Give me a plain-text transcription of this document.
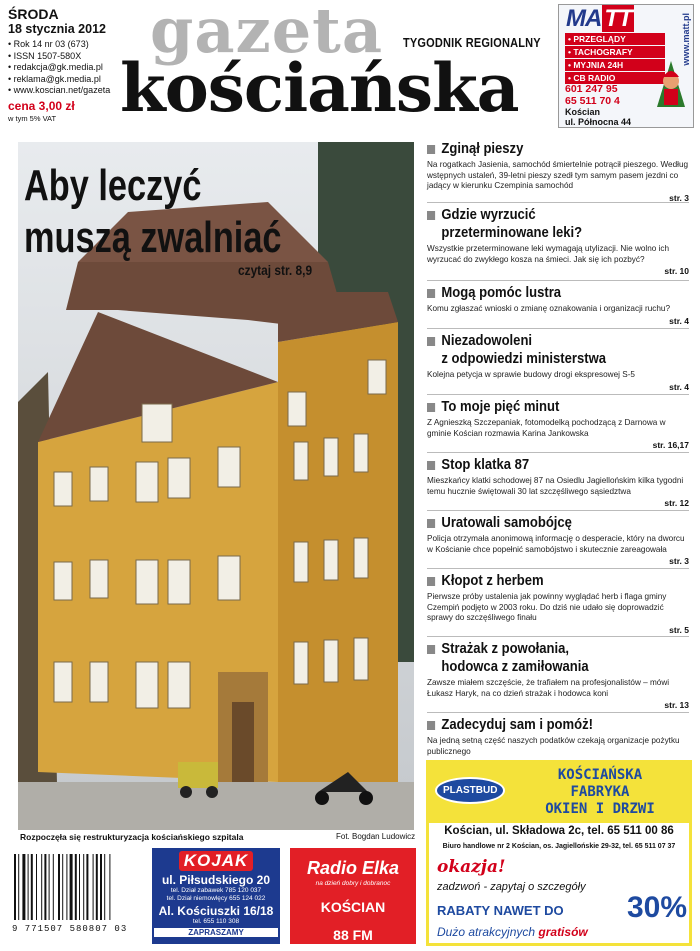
ŚRODA
18 stycznia 2012
• Rok 14 nr 03 (673)
• ISSN 1507-580X
• redakcja@gk.media.pl
• reklama@gk.media.pl
• www.koscian.net/gazeta
cena 3,00 zł
w tym 5% VAT
gazeta
kościańska
TYGODNIK REGIONALNY
MA TT
• PRZEGLĄDY
• TACHOGRAFY
• MYJNIA 24H
• CB RADIO
601 247 95
65 511 70 4
Kościan
ul. Północna 44
www.matt.pl
Aby leczyć
muszą zwalniać
czytaj str. 8,9
Rozpoczęła się restrukturyzacja kościańskiego szpitala	Fot. Bogdan Ludowicz
Zginął pieszy

Na rogatkach Jasienia, samochód śmiertelnie potrącił pieszego. Według wstępnych ustaleń, 39-letni pieszy szedł tym samym pasem jezdni co jadący w kierunku Czempinia samochód

str. 3
Gdzie wyrzucić
przeterminowane leki?

Wszystkie przeterminowane leki wymagają utylizacji. Nie wolno ich wyrzucać do zwykłego kosza na śmieci. Jak się ich pozbyć?

str. 10
Mogą pomóc lustra

Komu zgłaszać wnioski o zmianę oznakowania i organizacji ruchu?

str. 4
Niezadowoleni
z odpowiedzi ministerstwa

Kolejna petycja w sprawie budowy drogi ekspresowej S-5

str. 4
To moje pięć minut

Z Agnieszką Szczepaniak, fotomodelką pochodzącą z Darnowa w gminie Kościan rozmawia Karina Jankowska

str. 16,17
Stop klatka 87

Mieszkańcy klatki schodowej 87 na Osiedlu Jagiellońskim kilka tygodni temu hucznie świętowali 30 lat szczęśliwego sąsiedztwa

str. 12
Uratowali samobójcę

Policja otrzymała anonimową informację o desperacie, który na dworcu w Kościanie chce popełnić samobójstwo i skutecznie zareagowała

str. 3
Kłopot z herbem

Pierwsze próby ustalenia jak powinny wyglądać herb i flaga gminy Czempiń podjęto w 2003 roku. Do dziś nie udało się doprowadzić sprawy do szczęśliwego finału

str. 5
Strażak z powołania,
hodowca z zamiłowania

Zawsze miałem szczęście, że trafiałem na profesjonalistów – mówi Łukasz Haryk, na co dzień strażak i hodowca koni

str. 13
Zadecyduj sam i pomóż!

Na jedną setną część naszych podatków czekają organizacje pożytku publicznego

9 771507 580807 03
KOJAK
ul. Piłsudskiego 20
tel. Dział zabawek 785 120 037
tel. Dział niemowlęcy 655 124 022
Al. Kościuszki 16/18
tel. 655 110 308
ZAPRASZAMY
Radio Elka
na dzień dobry i dobranoc
KOŚCIAN
88 FM
PLASTBUD
KOŚCIAŃSKA
FABRYKA
OKIEN I DRZWI
Kościan, ul. Składowa 2c, tel. 65 511 00 86
Biuro handlowe nr 2 Kościan, os. Jagiellońskie 29-32, tel. 65 511 07 37
okazja!
zadzwoń - zapytaj o szczegóły
RABATY NAWET DO 30%
Dużo atrakcyjnych gratisów
